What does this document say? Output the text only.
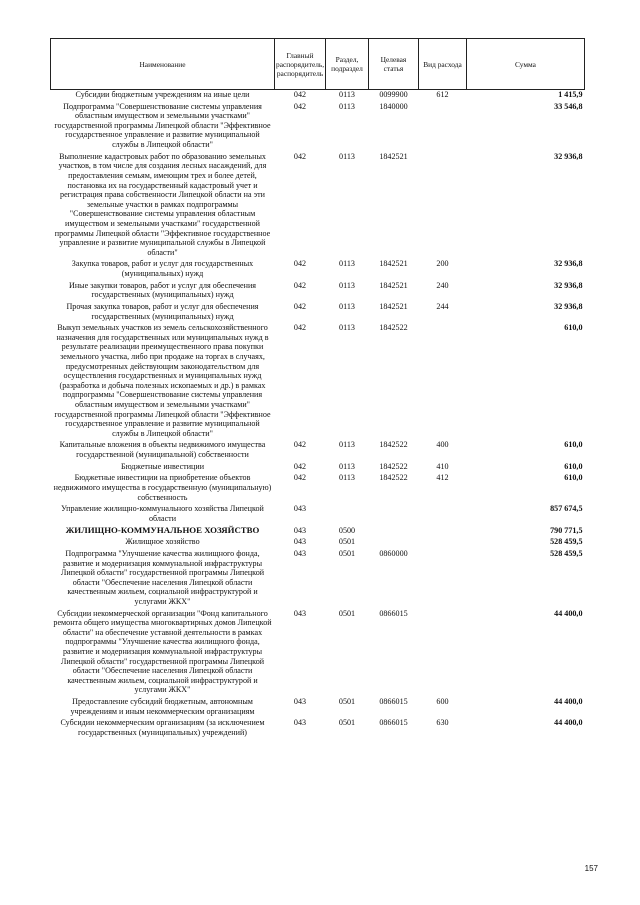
Наименование	Главный распорядитель, распорядитель	Раздел, подраздел	Целевая статья	Вид расхода	Сумма
Субсидии бюджетным учреждениям на иные цели	042	0113	0099900	612	1 415,9
Подпрограмма "Совершенствование системы управления областным имуществом и земельными участками" государственной программы Липецкой области "Эффективное государственное управление и развитие муниципальной службы в Липецкой области"	042	0113	1840000		33 546,8
Выполнение кадастровых работ по образованию земельных участков, в том числе для создания лесных насаждений, для предоставления семьям, имеющим трех и более детей, постановка их на государственный кадастровый учет и регистрация права собственности Липецкой области на эти земельные участки в рамках подпрограммы "Совершенствование системы управления областным имуществом и земельными участками" государственной программы Липецкой области "Эффективное государственное управление и развитие муниципальной службы в Липецкой области"	042	0113	1842521		32 936,8
Закупка товаров, работ и услуг для государственных (муниципальных) нужд	042	0113	1842521	200	32 936,8
Иные закупки товаров, работ и услуг для обеспечения государственных (муниципальных) нужд	042	0113	1842521	240	32 936,8
Прочая закупка товаров, работ и услуг для обеспечения государственных (муниципальных) нужд	042	0113	1842521	244	32 936,8
Выкуп земельных участков из земель сельскохозяйственного назначения для государственных или муниципальных нужд в результате реализации преимущественного права покупки земельного участка, либо при продаже на торгах в случаях, предусмотренных действующим законодательством для осуществления государственных и муниципальных нужд (разработка и добыча полезных ископаемых и др.) в рамках подпрограммы "Совершенствование системы управления областным имуществом и земельными участками" государственной программы Липецкой области "Эффективное государственное управление и развитие муниципальной службы в Липецкой области"	042	0113	1842522		610,0
Капитальные вложения в объекты недвижимого имущества государственной (муниципальной) собственности	042	0113	1842522	400	610,0
Бюджетные инвестиции	042	0113	1842522	410	610,0
Бюджетные инвестиции на приобретение объектов недвижимого имущества в государственную (муниципальную) собственность	042	0113	1842522	412	610,0
Управление жилищно-коммунального хозяйства Липецкой области	043				857 674,5
ЖИЛИЩНО-КОММУНАЛЬНОЕ ХОЗЯЙСТВО	043	0500			790 771,5
Жилищное хозяйство	043	0501			528 459,5
Подпрограмма "Улучшение качества жилищного фонда, развитие и модернизация коммунальной инфраструктуры Липецкой области" государственной программы Липецкой области "Обеспечение населения Липецкой области качественным жильем, социальной инфраструктурой и услугами ЖКХ"	043	0501	0860000		528 459,5
Субсидии некоммерческой организации "Фонд капитального ремонта общего имущества многоквартирных домов Липецкой области" на обеспечение уставной деятельности в рамках подпрограммы "Улучшение качества жилищного фонда, развитие и модернизация коммунальной инфраструктуры Липецкой области" государственной программы Липецкой области "Обеспечение населения Липецкой области качественным жильем, социальной инфраструктурой и услугами ЖКХ"	043	0501	0866015		44 400,0
Предоставление субсидий бюджетным, автономным учреждениям и иным некоммерческим организациям	043	0501	0866015	600	44 400,0
Субсидии некоммерческим организациям (за исключением государственных (муниципальных) учреждений)	043	0501	0866015	630	44 400,0
157
